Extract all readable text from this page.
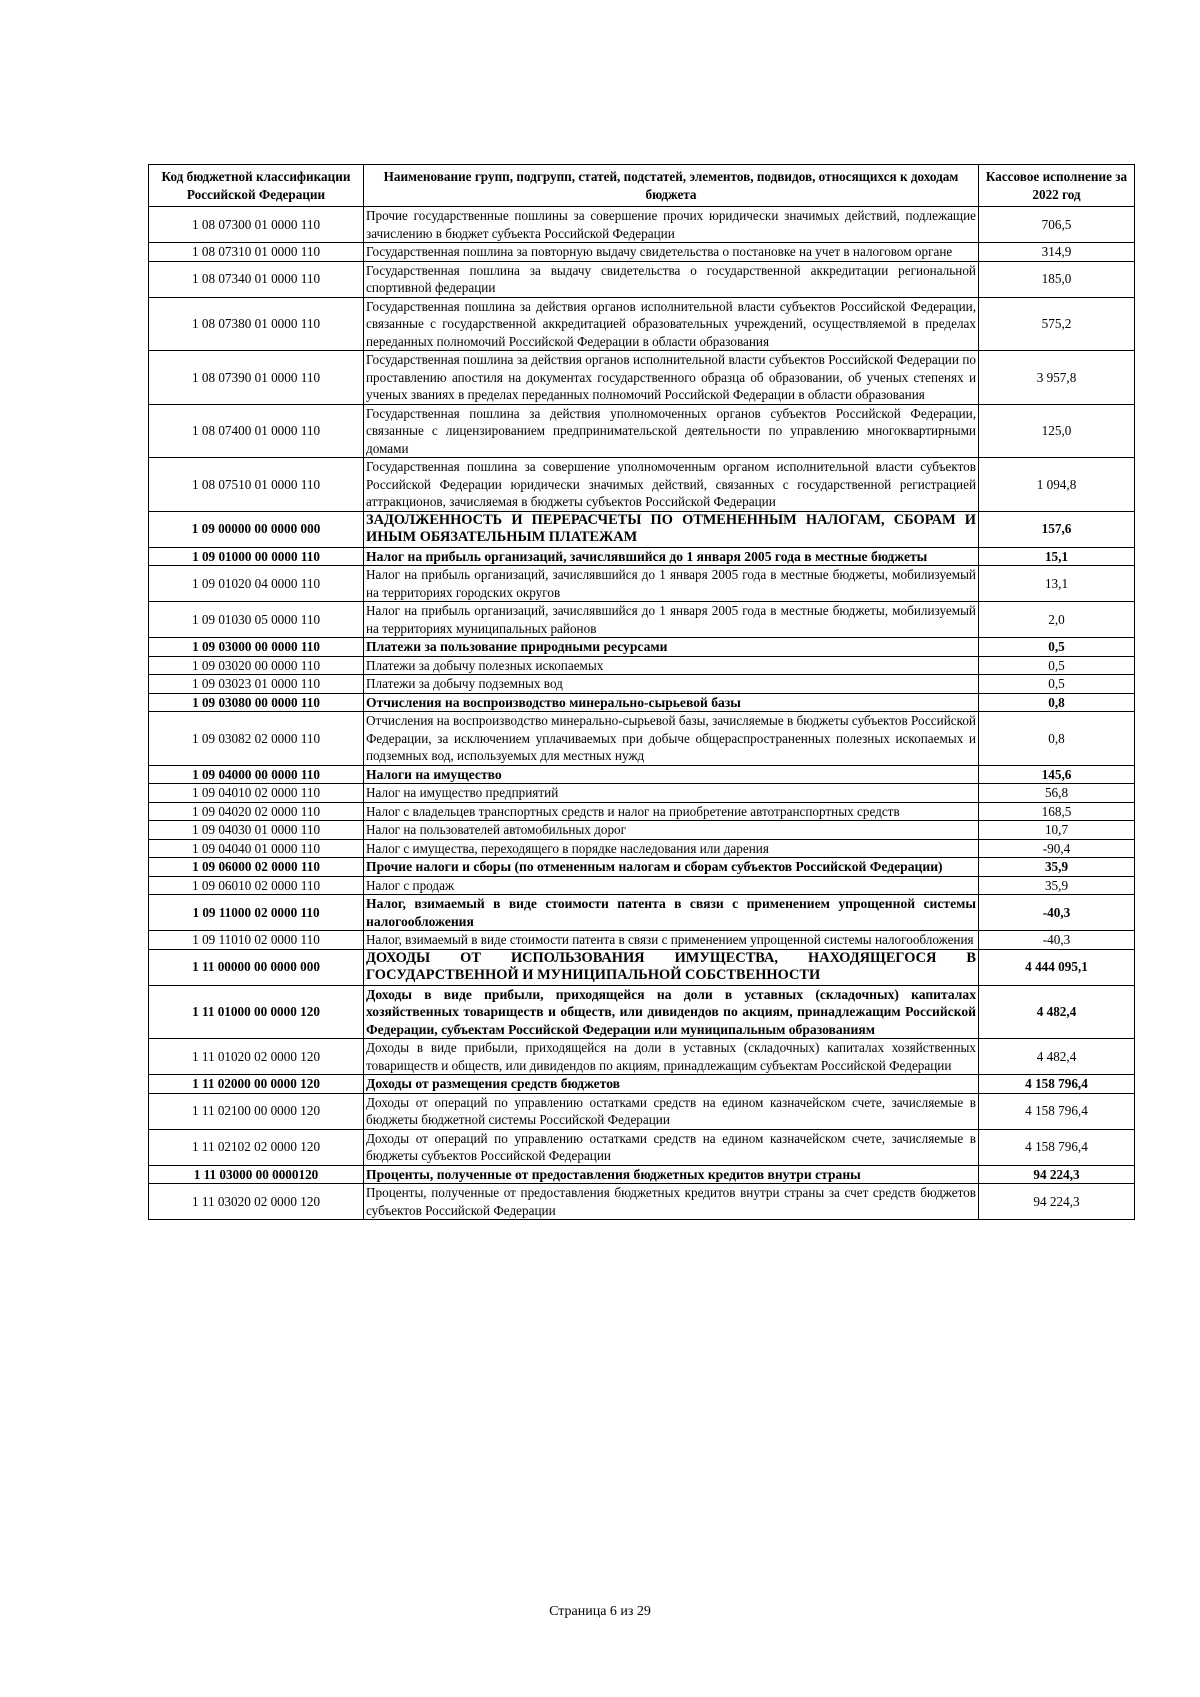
Код бюджетной классификации Российской Федерации	Наименование групп, подгрупп, статей, подстатей, элементов, подвидов, относящихся к доходам бюджета	Кассовое исполнение за 2022 год
1 08 07300 01 0000 110	Прочие государственные пошлины за совершение прочих юридически значимых действий, подлежащие зачислению в бюджет субъекта Российской Федерации	706,5
1 08 07310 01 0000 110	Государственная пошлина за повторную выдачу свидетельства о постановке на учет в налоговом органе	314,9
1 08 07340 01 0000 110	Государственная пошлина за выдачу свидетельства о государственной аккредитации региональной спортивной федерации	185,0
1 08 07380 01 0000 110	Государственная пошлина за действия органов исполнительной власти субъектов Российской Федерации, связанные с государственной аккредитацией образовательных учреждений, осуществляемой в пределах переданных полномочий Российской Федерации в области образования	575,2
1 08 07390 01 0000 110	Государственная пошлина за действия органов исполнительной власти субъектов Российской Федерации по проставлению апостиля на документах государственного образца об образовании, об ученых степенях и ученых званиях в пределах переданных полномочий Российской Федерации в области образования	3 957,8
1 08 07400 01 0000 110	Государственная пошлина за действия уполномоченных органов субъектов Российской Федерации, связанные с лицензированием предпринимательской деятельности по управлению многоквартирными домами	125,0
1 08 07510 01 0000 110	Государственная пошлина за совершение уполномоченным органом исполнительной власти субъектов Российской Федерации юридически значимых действий, связанных с государственной регистрацией аттракционов, зачисляемая в бюджеты субъектов Российской Федерации	1 094,8
1 09 00000 00 0000 000	ЗАДОЛЖЕННОСТЬ И ПЕРЕРАСЧЕТЫ ПО ОТМЕНЕННЫМ НАЛОГАМ, СБОРАМ И ИНЫМ ОБЯЗАТЕЛЬНЫМ ПЛАТЕЖАМ	157,6
1 09 01000 00 0000 110	Налог на прибыль организаций, зачислявшийся до 1 января 2005 года в местные бюджеты	15,1
1 09 01020 04 0000 110	Налог на прибыль организаций, зачислявшийся до 1 января 2005 года в местные бюджеты, мобилизуемый на территориях городских округов	13,1
1 09 01030 05 0000 110	Налог на прибыль организаций, зачислявшийся до 1 января 2005 года в местные бюджеты, мобилизуемый на территориях муниципальных районов	2,0
1 09 03000 00 0000 110	Платежи за пользование природными ресурсами	0,5
1 09 03020 00 0000 110	Платежи за добычу полезных ископаемых	0,5
1 09 03023 01 0000 110	Платежи за добычу подземных вод	0,5
1 09 03080 00 0000 110	Отчисления на воспроизводство минерально-сырьевой базы	0,8
1 09 03082 02 0000 110	Отчисления на воспроизводство минерально-сырьевой базы, зачисляемые в бюджеты субъектов Российской Федерации, за исключением уплачиваемых при добыче общераспространенных полезных ископаемых и подземных вод, используемых для местных нужд	0,8
1 09 04000 00 0000 110	Налоги на имущество	145,6
1 09 04010 02 0000 110	Налог на имущество предприятий	56,8
1 09 04020 02 0000 110	Налог с владельцев транспортных средств и налог на приобретение автотранспортных средств	168,5
1 09 04030 01 0000 110	Налог на пользователей автомобильных дорог	10,7
1 09 04040 01 0000 110	Налог с имущества, переходящего в порядке наследования или дарения	-90,4
1 09 06000 02 0000 110	Прочие налоги и сборы (по отмененным налогам и сборам субъектов Российской Федерации)	35,9
1 09 06010 02 0000 110	Налог с продаж	35,9
1 09 11000 02 0000 110	Налог, взимаемый в виде стоимости патента в связи с применением упрощенной системы налогообложения	-40,3
1 09 11010 02 0000 110	Налог, взимаемый в виде стоимости патента в связи с применением упрощенной системы налогообложения	-40,3
1 11 00000 00 0000 000	ДОХОДЫ ОТ ИСПОЛЬЗОВАНИЯ ИМУЩЕСТВА, НАХОДЯЩЕГОСЯ В ГОСУДАРСТВЕННОЙ И МУНИЦИПАЛЬНОЙ СОБСТВЕННОСТИ	4 444 095,1
1 11 01000 00 0000 120	Доходы в виде прибыли, приходящейся на доли в уставных (складочных) капиталах хозяйственных товариществ и обществ, или дивидендов по акциям, принадлежащим Российской Федерации, субъектам Российской Федерации или муниципальным образованиям	4 482,4
1 11 01020 02 0000 120	Доходы в виде прибыли, приходящейся на доли в уставных (складочных) капиталах хозяйственных товариществ и обществ, или дивидендов по акциям, принадлежащим субъектам Российской Федерации	4 482,4
1 11 02000 00 0000 120	Доходы от размещения средств бюджетов	4 158 796,4
1 11 02100 00 0000 120	Доходы от операций по управлению остатками средств на едином казначейском счете, зачисляемые в бюджеты бюджетной системы Российской Федерации	4 158 796,4
1 11 02102 02 0000 120	Доходы от операций по управлению остатками средств на едином казначейском счете, зачисляемые в бюджеты субъектов Российской Федерации	4 158 796,4
1 11 03000 00 0000120	Проценты, полученные от предоставления бюджетных кредитов внутри страны	94 224,3
1 11 03020 02 0000 120	Проценты, полученные от предоставления бюджетных кредитов внутри страны за счет средств бюджетов субъектов Российской Федерации	94 224,3
Страница 6 из 29
